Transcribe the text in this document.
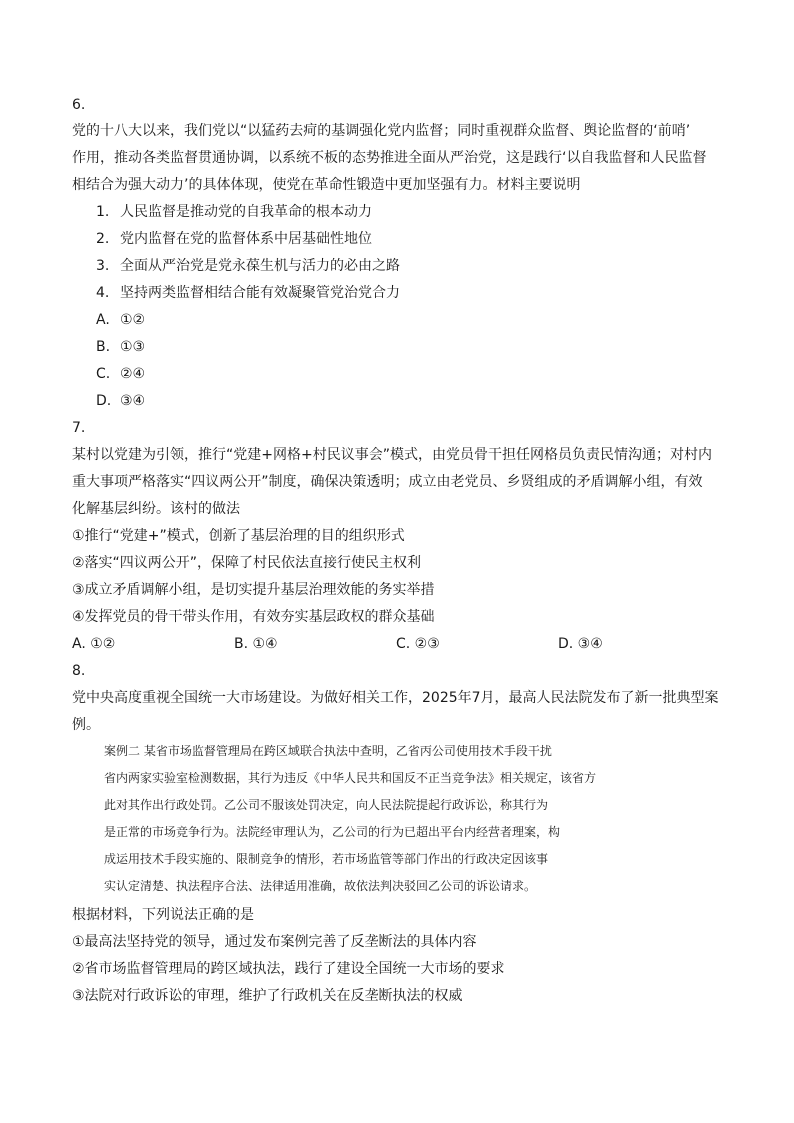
6.
党的十八大以来，我们党以“以猛药去疴的基调强化党内监督；同时重视群众监督、舆论监督的‘前哨’
作用，推动各类监督贯通协调，以系统不板的态势推进全面从严治党，这是践行‘以自我监督和人民监督
相结合为强大动力’的具体体现，使党在革命性锻造中更加坚强有力。材料主要说明
1. 人民监督是推动党的自我革命的根本动力
2. 党内监督在党的监督体系中居基础性地位
3. 全面从严治党是党永葆生机与活力的必由之路
4. 坚持两类监督相结合能有效凝聚管党治党合力
A. ①②
B. ①③
C. ②④
D. ③④
7.
某村以党建为引领，推行“党建+网格+村民议事会”模式，由党员骨干担任网格员负责民情沟通；对村内
重大事项严格落实“四议两公开”制度，确保决策透明；成立由老党员、乡贤组成的矛盾调解小组，有效
化解基层纠纷。该村的做法
①推行“党建+”模式，创新了基层治理的目的组织形式
②落实“四议两公开”，保障了村民依法直接行使民主权利
③成立矛盾调解小组，是切实提升基层治理效能的务实举措
④发挥党员的骨干带头作用，有效夯实基层政权的群众基础
A. ①②	B. ①④	C. ②③	D. ③④
8.
党中央高度重视全国统一大市场建设。为做好相关工作，2025年7月，最高人民法院发布了新一批典型案
例。
案例二 某省市场监督管理局在跨区域联合执法中查明，乙省丙公司使用技术手段干扰
省内两家实验室检测数据，其行为违反《中华人民共和国反不正当竞争法》相关规定，该省方
此对其作出行政处罚。乙公司不服该处罚决定，向人民法院提起行政诉讼，称其行为
是正常的市场竞争行为。法院经审理认为，乙公司的行为已超出平台内经营者理案，构
成运用技术手段实施的、限制竞争的情形，若市场监管等部门作出的行政决定因该事
实认定清楚、执法程序合法、法律适用准确，故依法判决驳回乙公司的诉讼请求。
根据材料，下列说法正确的是
①最高法坚持党的领导，通过发布案例完善了反垄断法的具体内容
②省市场监督管理局的跨区域执法，践行了建设全国统一大市场的要求
③法院对行政诉讼的审理，维护了行政机关在反垄断执法的权威
